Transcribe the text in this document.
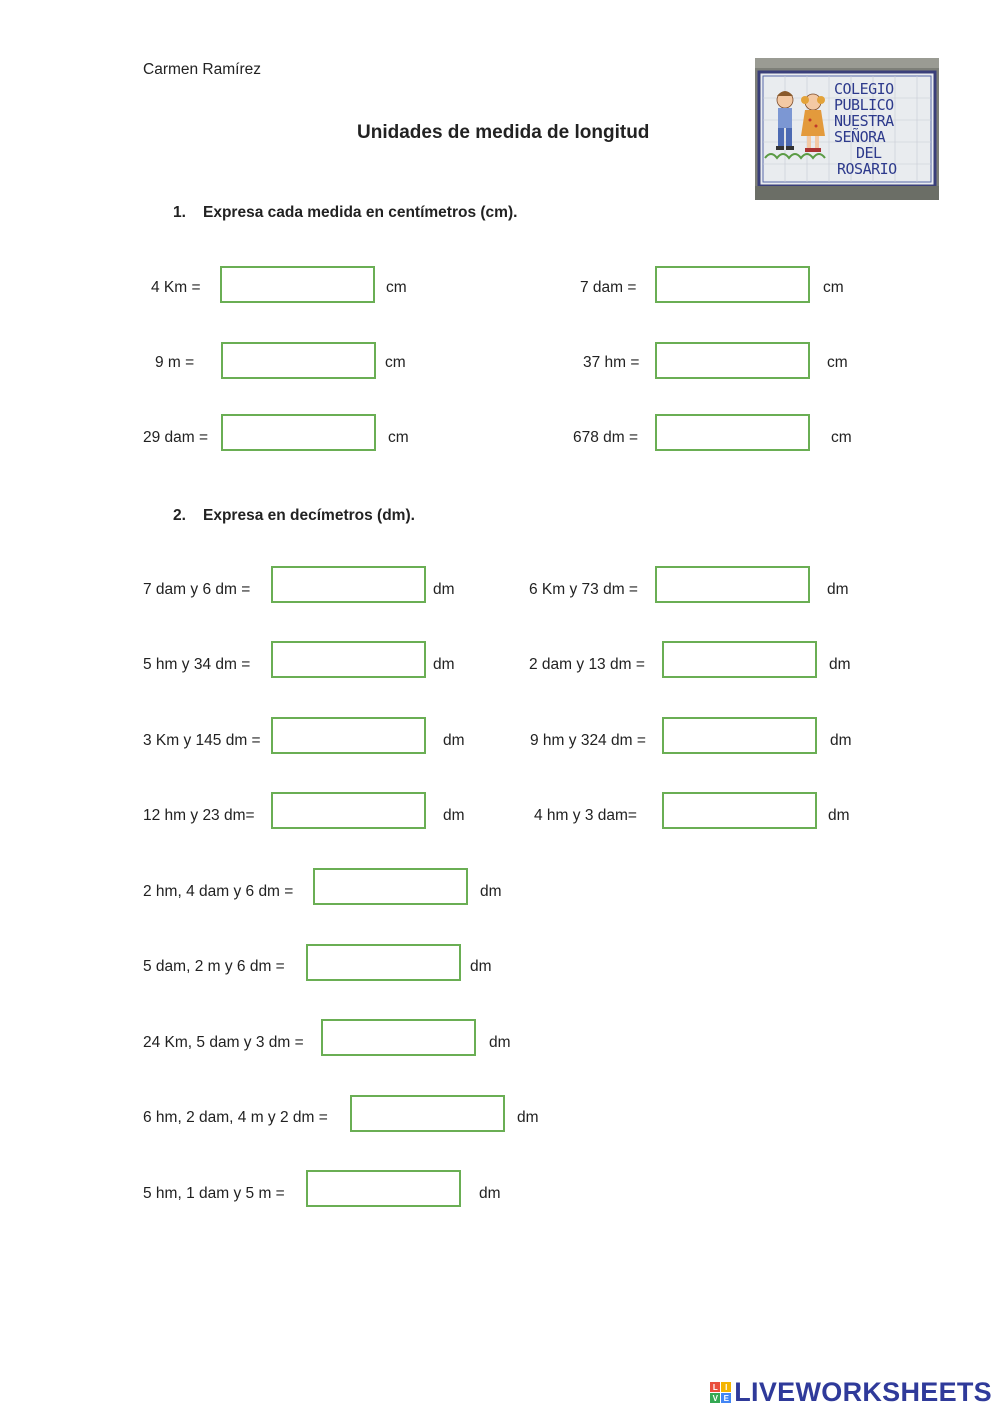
Carmen Ramírez
Unidades de medida de longitud
COLEGIO
PUBLICO
NUESTRA
SEÑORA
DEL
ROSARIO
1. Expresa cada medida en centímetros (cm).
4 Km =	cm	7 dam =	cm
9 m =	cm	37 hm =	cm
29 dam =	cm	678 dm =	cm
2. Expresa en decímetros (dm).
7 dam y 6 dm =	dm	6 Km y 73 dm =	dm
5 hm y 34 dm =	dm	2 dam y 13 dm =	dm
3 Km y 145 dm =	dm	9 hm y 324 dm =	dm
12 hm y 23 dm=	dm	4 hm y 3 dam=	dm
2 hm, 4 dam y 6 dm =	dm
5 dam, 2 m y 6 dm =	dm
24 Km, 5 dam y 3 dm =	dm
6 hm, 2 dam, 4 m y 2 dm =	dm
5 hm, 1 dam y 5 m =	dm
L I
V E LIVEWORKSHEETS
